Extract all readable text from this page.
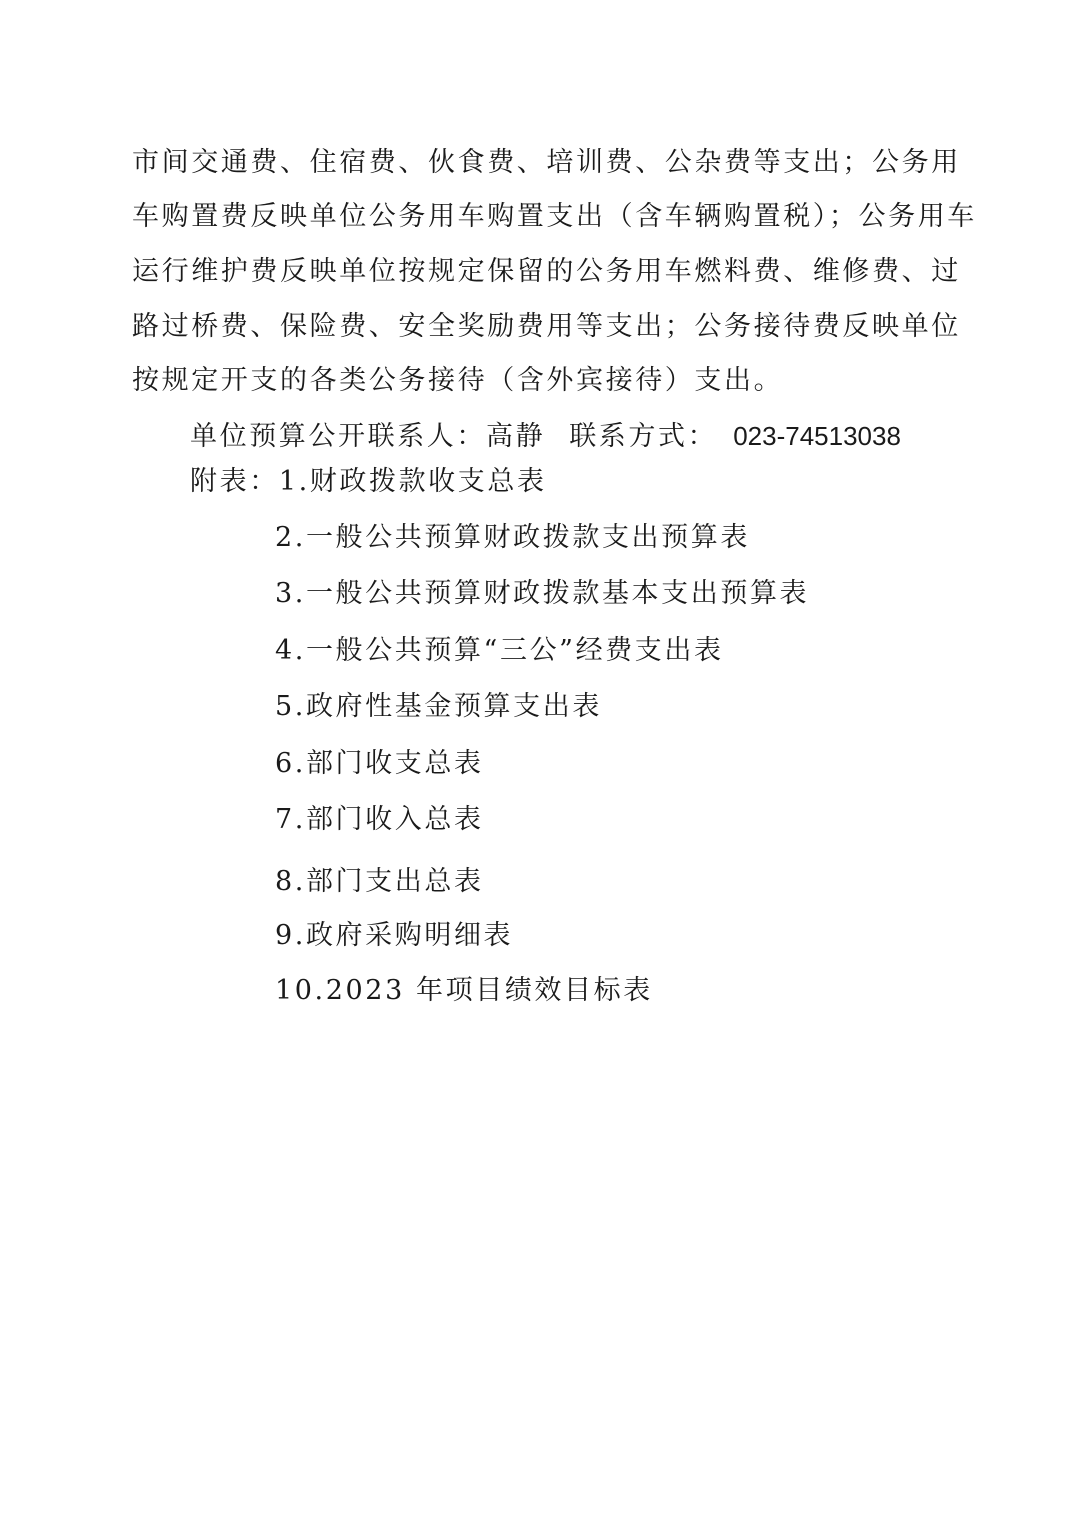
市间交通费、住宿费、伙食费、培训费、公杂费等支出；公务用
车购置费反映单位公务用车购置支出（含车辆购置税）；公务用车
运行维护费反映单位按规定保留的公务用车燃料费、维修费、过
路过桥费、保险费、安全奖励费用等支出；公务接待费反映单位
按规定开支的各类公务接待（含外宾接待）支出。
单位预算公开联系人：高静 联系方式： 023-74513038
附表：1.财政拨款收支总表
2.一般公共预算财政拨款支出预算表
3.一般公共预算财政拨款基本支出预算表
4.一般公共预算“三公”经费支出表
5.政府性基金预算支出表
6.部门收支总表
7.部门收入总表
8.部门支出总表
9.政府采购明细表
10.2023 年项目绩效目标表
